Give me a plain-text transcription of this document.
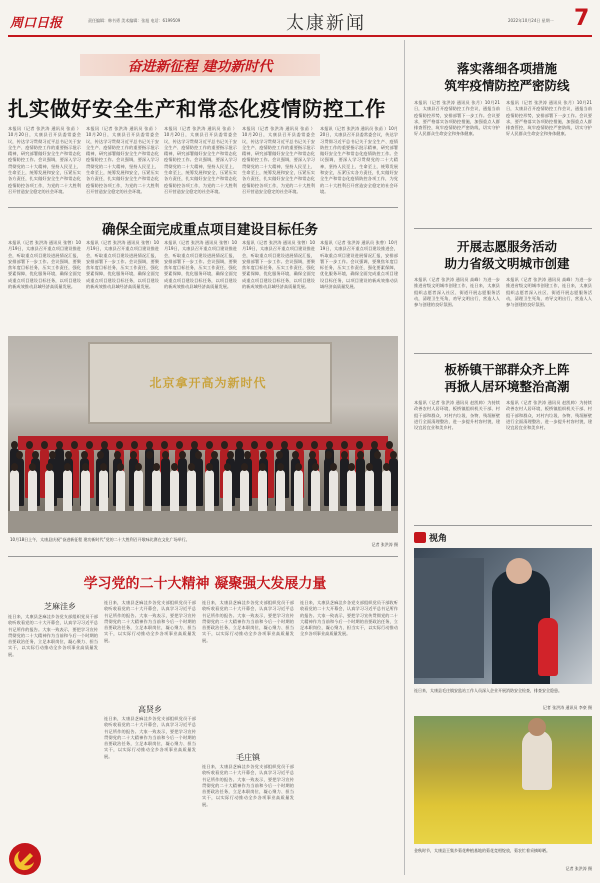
周口日报	责任编辑：韩书勇 美术编辑：张旭 电话：6199509	太康新闻	2022年10月24日 星期一 7
奋进新征程 建功新时代
扎实做好安全生产和常态化疫情防控工作
本报讯（记者 张洪涛 通讯员 张苗 ）10月20日，太康县召开县委常委会议，传达学习贯彻习近平总书记关于安全生产、疫情防控工作的重要指示批示精神，研究部署做好安全生产和常态化疫情防控工作。会议强调，要深入学习贯彻党的二十大精神，坚持人民至上、生命至上，统筹发展和安全，压紧压实各方责任，扎实做好安全生产和常态化疫情防控各项工作，为党的二十大胜利召开营造安全稳定的社会环境。
本报讯（记者 张洪涛 通讯员 张苗 ）10月20日，太康县召开县委常委会议，传达学习贯彻习近平总书记关于安全生产、疫情防控工作的重要指示批示精神，研究部署做好安全生产和常态化疫情防控工作。会议强调，要深入学习贯彻党的二十大精神，坚持人民至上、生命至上，统筹发展和安全，压紧压实各方责任，扎实做好安全生产和常态化疫情防控各项工作，为党的二十大胜利召开营造安全稳定的社会环境。
本报讯（记者 张洪涛 通讯员 张苗 ）10月20日，太康县召开县委常委会议，传达学习贯彻习近平总书记关于安全生产、疫情防控工作的重要指示批示精神，研究部署做好安全生产和常态化疫情防控工作。会议强调，要深入学习贯彻党的二十大精神，坚持人民至上、生命至上，统筹发展和安全，压紧压实各方责任，扎实做好安全生产和常态化疫情防控各项工作，为党的二十大胜利召开营造安全稳定的社会环境。
本报讯（记者 张洪涛 通讯员 张苗 ）10月20日，太康县召开县委常委会议，传达学习贯彻习近平总书记关于安全生产、疫情防控工作的重要指示批示精神，研究部署做好安全生产和常态化疫情防控工作。会议强调，要深入学习贯彻党的二十大精神，坚持人民至上、生命至上，统筹发展和安全，压紧压实各方责任，扎实做好安全生产和常态化疫情防控各项工作，为党的二十大胜利召开营造安全稳定的社会环境。
本报讯（记者 张洪涛 通讯员 张苗 ）10月20日，太康县召开县委常委会议，传达学习贯彻习近平总书记关于安全生产、疫情防控工作的重要指示批示精神，研究部署做好安全生产和常态化疫情防控工作。会议强调，要深入学习贯彻党的二十大精神，坚持人民至上、生命至上，统筹发展和安全，压紧压实各方责任，扎实做好安全生产和常态化疫情防控各项工作，为党的二十大胜利召开营造安全稳定的社会环境。
确保全面完成重点项目建设目标任务
本报讯（记者 张洪涛 通讯员 张曾）10月19日，太康县召开重点项目建设推进会，听取重点项目建设进展情况汇报，安排部署下一步工作。会议强调，要聚焦年度目标任务，压实工作责任，强化要素保障，优化服务环境，确保全面完成重点项目建设目标任务，以项目建设的新成效推动县域经济高质量发展。
本报讯（记者 张洪涛 通讯员 张曾）10月19日，太康县召开重点项目建设推进会，听取重点项目建设进展情况汇报，安排部署下一步工作。会议强调，要聚焦年度目标任务，压实工作责任，强化要素保障，优化服务环境，确保全面完成重点项目建设目标任务，以项目建设的新成效推动县域经济高质量发展。
本报讯（记者 张洪涛 通讯员 张曾）10月19日，太康县召开重点项目建设推进会，听取重点项目建设进展情况汇报，安排部署下一步工作。会议强调，要聚焦年度目标任务，压实工作责任，强化要素保障，优化服务环境，确保全面完成重点项目建设目标任务，以项目建设的新成效推动县域经济高质量发展。
本报讯（记者 张洪涛 通讯员 张曾）10月19日，太康县召开重点项目建设推进会，听取重点项目建设进展情况汇报，安排部署下一步工作。会议强调，要聚焦年度目标任务，压实工作责任，强化要素保障，优化服务环境，确保全面完成重点项目建设目标任务，以项目建设的新成效推动县域经济高质量发展。
本报讯（记者 张洪涛 通讯员 张曾）10月19日，太康县召开重点项目建设推进会，听取重点项目建设进展情况汇报，安排部署下一步工作。会议强调，要聚焦年度目标任务，压实工作责任，强化要素保障，优化服务环境，确保全面完成重点项目建设目标任务，以项目建设的新成效推动县域经济高质量发展。
北京拿开高为新时代
10月18日上午，太康县庆祝“奋进新征程 建功新时代”党的二十大胜利召开歌咏比赛在文化广场举行。
记者 张洪涛 摄
学习党的二十大精神 凝聚强大发展力量
芝麻洼乡
连日来，太康县芝麻洼乡各党支部组织党员干部收听收看党的二十大开幕会，认真学习习近平总书记所作的报告。大家一致表示，要把学习宣传贯彻党的二十大精神作为当前和今后一个时期的首要政治任务，立足本职岗位，凝心聚力、担当实干，以实际行动推动全乡各项事业高质量发展。
连日来，太康县芝麻洼乡各党支部组织党员干部收听收看党的二十大开幕会，认真学习习近平总书记所作的报告。大家一致表示，要把学习宣传贯彻党的二十大精神作为当前和今后一个时期的首要政治任务，立足本职岗位，凝心聚力、担当实干，以实际行动推动全乡各项事业高质量发展。
高贤乡
连日来，太康县芝麻洼乡各党支部组织党员干部收听收看党的二十大开幕会，认真学习习近平总书记所作的报告。大家一致表示，要把学习宣传贯彻党的二十大精神作为当前和今后一个时期的首要政治任务，立足本职岗位，凝心聚力、担当实干，以实际行动推动全乡各项事业高质量发展。
连日来，太康县芝麻洼乡各党支部组织党员干部收听收看党的二十大开幕会，认真学习习近平总书记所作的报告。大家一致表示，要把学习宣传贯彻党的二十大精神作为当前和今后一个时期的首要政治任务，立足本职岗位，凝心聚力、担当实干，以实际行动推动全乡各项事业高质量发展。
毛庄镇
连日来，太康县芝麻洼乡各党支部组织党员干部收听收看党的二十大开幕会，认真学习习近平总书记所作的报告。大家一致表示，要把学习宣传贯彻党的二十大精神作为当前和今后一个时期的首要政治任务，立足本职岗位，凝心聚力、担当实干，以实际行动推动全乡各项事业高质量发展。
连日来，太康县芝麻洼乡各党支部组织党员干部收听收看党的二十大开幕会，认真学习习近平总书记所作的报告。大家一致表示，要把学习宣传贯彻党的二十大精神作为当前和今后一个时期的首要政治任务，立足本职岗位，凝心聚力、担当实干，以实际行动推动全乡各项事业高质量发展。
落实落细各项措施
筑牢疫情防控严密防线
本报讯（记者 张洪涛 通讯员 张月）10月21日，太康县召开疫情防控工作会议，通报当前疫情防控形势，安排部署下一步工作。会议要求，要严格落实各项防控措施，加强重点人群排查管控，筑牢疫情防控严密防线，切实守护好人民群众生命安全和身体健康。
本报讯（记者 张洪涛 通讯员 张月）10月21日，太康县召开疫情防控工作会议，通报当前疫情防控形势，安排部署下一步工作。会议要求，要严格落实各项防控措施，加强重点人群排查管控，筑牢疫情防控严密防线，切实守护好人民群众生命安全和身体健康。
开展志愿服务活动
助力省级文明城市创建
本报讯（记者 张洪涛 通讯员 高峰）为进一步推进省级文明城市创建工作，连日来，太康县组织志愿者深入社区、街道开展志愿服务活动，清理卫生死角，劝导文明出行，营造人人参与创建的良好氛围。
本报讯（记者 张洪涛 通讯员 高峰）为进一步推进省级文明城市创建工作，连日来，太康县组织志愿者深入社区、街道开展志愿服务活动，清理卫生死角，劝导文明出行，营造人人参与创建的良好氛围。
板桥镇干部群众齐上阵
再掀人居环境整治高潮
本报讯（记者 张洪涛 通讯员 赵凯帅）为持续改善农村人居环境，板桥镇组织机关干部、村组干部和群众，对村内垃圾、杂物、残垣断壁进行全面清理整治，进一步提升村容村貌，建设宜居宜业和美乡村。
本报讯（记者 张洪涛 通讯员 赵凯帅）为持续改善农村人居环境，板桥镇组织机关干部、村组干部和群众，对村内垃圾、杂物、残垣断壁进行全面清理整治，进一步提升村容村貌，建设宜居宜业和美乡村。
视角
连日来，太康县毛庄镇安监站工作人员深入企业开展消防安全检查，排查安全隐患。
记者 张洪涛 通讯员 李豪 摄
金秋时节，太康县王集乡菊花种植基地的菊花竞相绽放，菊农忙着采摘晾晒。
记者 张洪涛 摄
